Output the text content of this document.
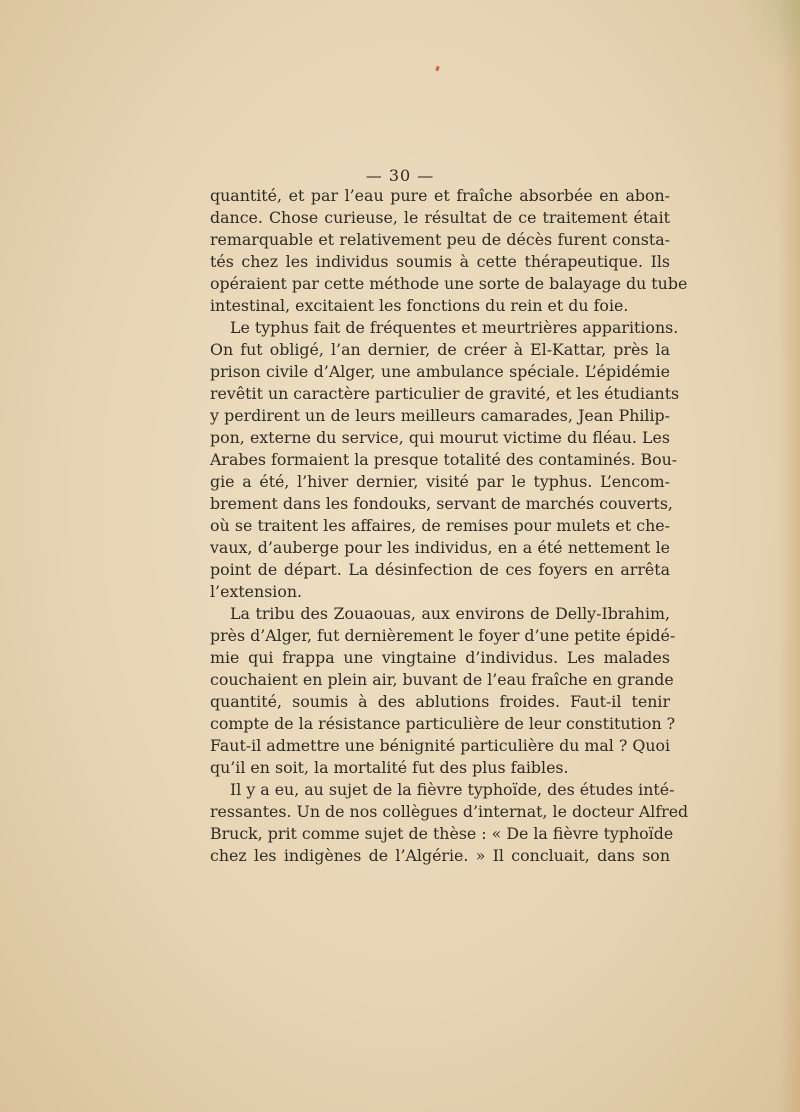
— 30 —
quantité, et par l’eau pure et fraîche absorbée en abon-
dance. Chose curieuse, le résultat de ce traitement était
remarquable et relativement peu de décès furent consta-
tés chez les individus soumis à cette thérapeutique. Ils
opéraient par cette méthode une sorte de balayage du tube
intestinal, excitaient les fonctions du rein et du foie.
Le typhus fait de fréquentes et meurtrières apparitions.
On fut obligé, l’an dernier, de créer à El-Kattar, près la
prison civile d’Alger, une ambulance spéciale. L’épidémie
revêtit un caractère particulier de gravité, et les étudiants
y perdirent un de leurs meilleurs camarades, Jean Philip-
pon, externe du service, qui mourut victime du fléau. Les
Arabes formaient la presque totalité des contaminés. Bou-
gie a été, l’hiver dernier, visité par le typhus. L’encom-
brement dans les fondouks, servant de marchés couverts,
où se traitent les affaires, de remises pour mulets et che-
vaux, d’auberge pour les individus, en a été nettement le
point de départ. La désinfection de ces foyers en arrêta
l’extension.
La tribu des Zouaouas, aux environs de Delly-Ibrahim,
près d’Alger, fut dernièrement le foyer d’une petite épidé-
mie qui frappa une vingtaine d’individus. Les malades
couchaient en plein air, buvant de l’eau fraîche en grande
quantité, soumis à des ablutions froides. Faut-il tenir
compte de la résistance particulière de leur constitution ?
Faut-il admettre une bénignité particulière du mal ? Quoi
qu’il en soit, la mortalité fut des plus faibles.
Il y a eu, au sujet de la fièvre typhoïde, des études inté-
ressantes. Un de nos collègues d’internat, le docteur Alfred
Bruck, prit comme sujet de thèse : « De la fièvre typhoïde
chez les indigènes de l’Algérie. » Il concluait, dans son
